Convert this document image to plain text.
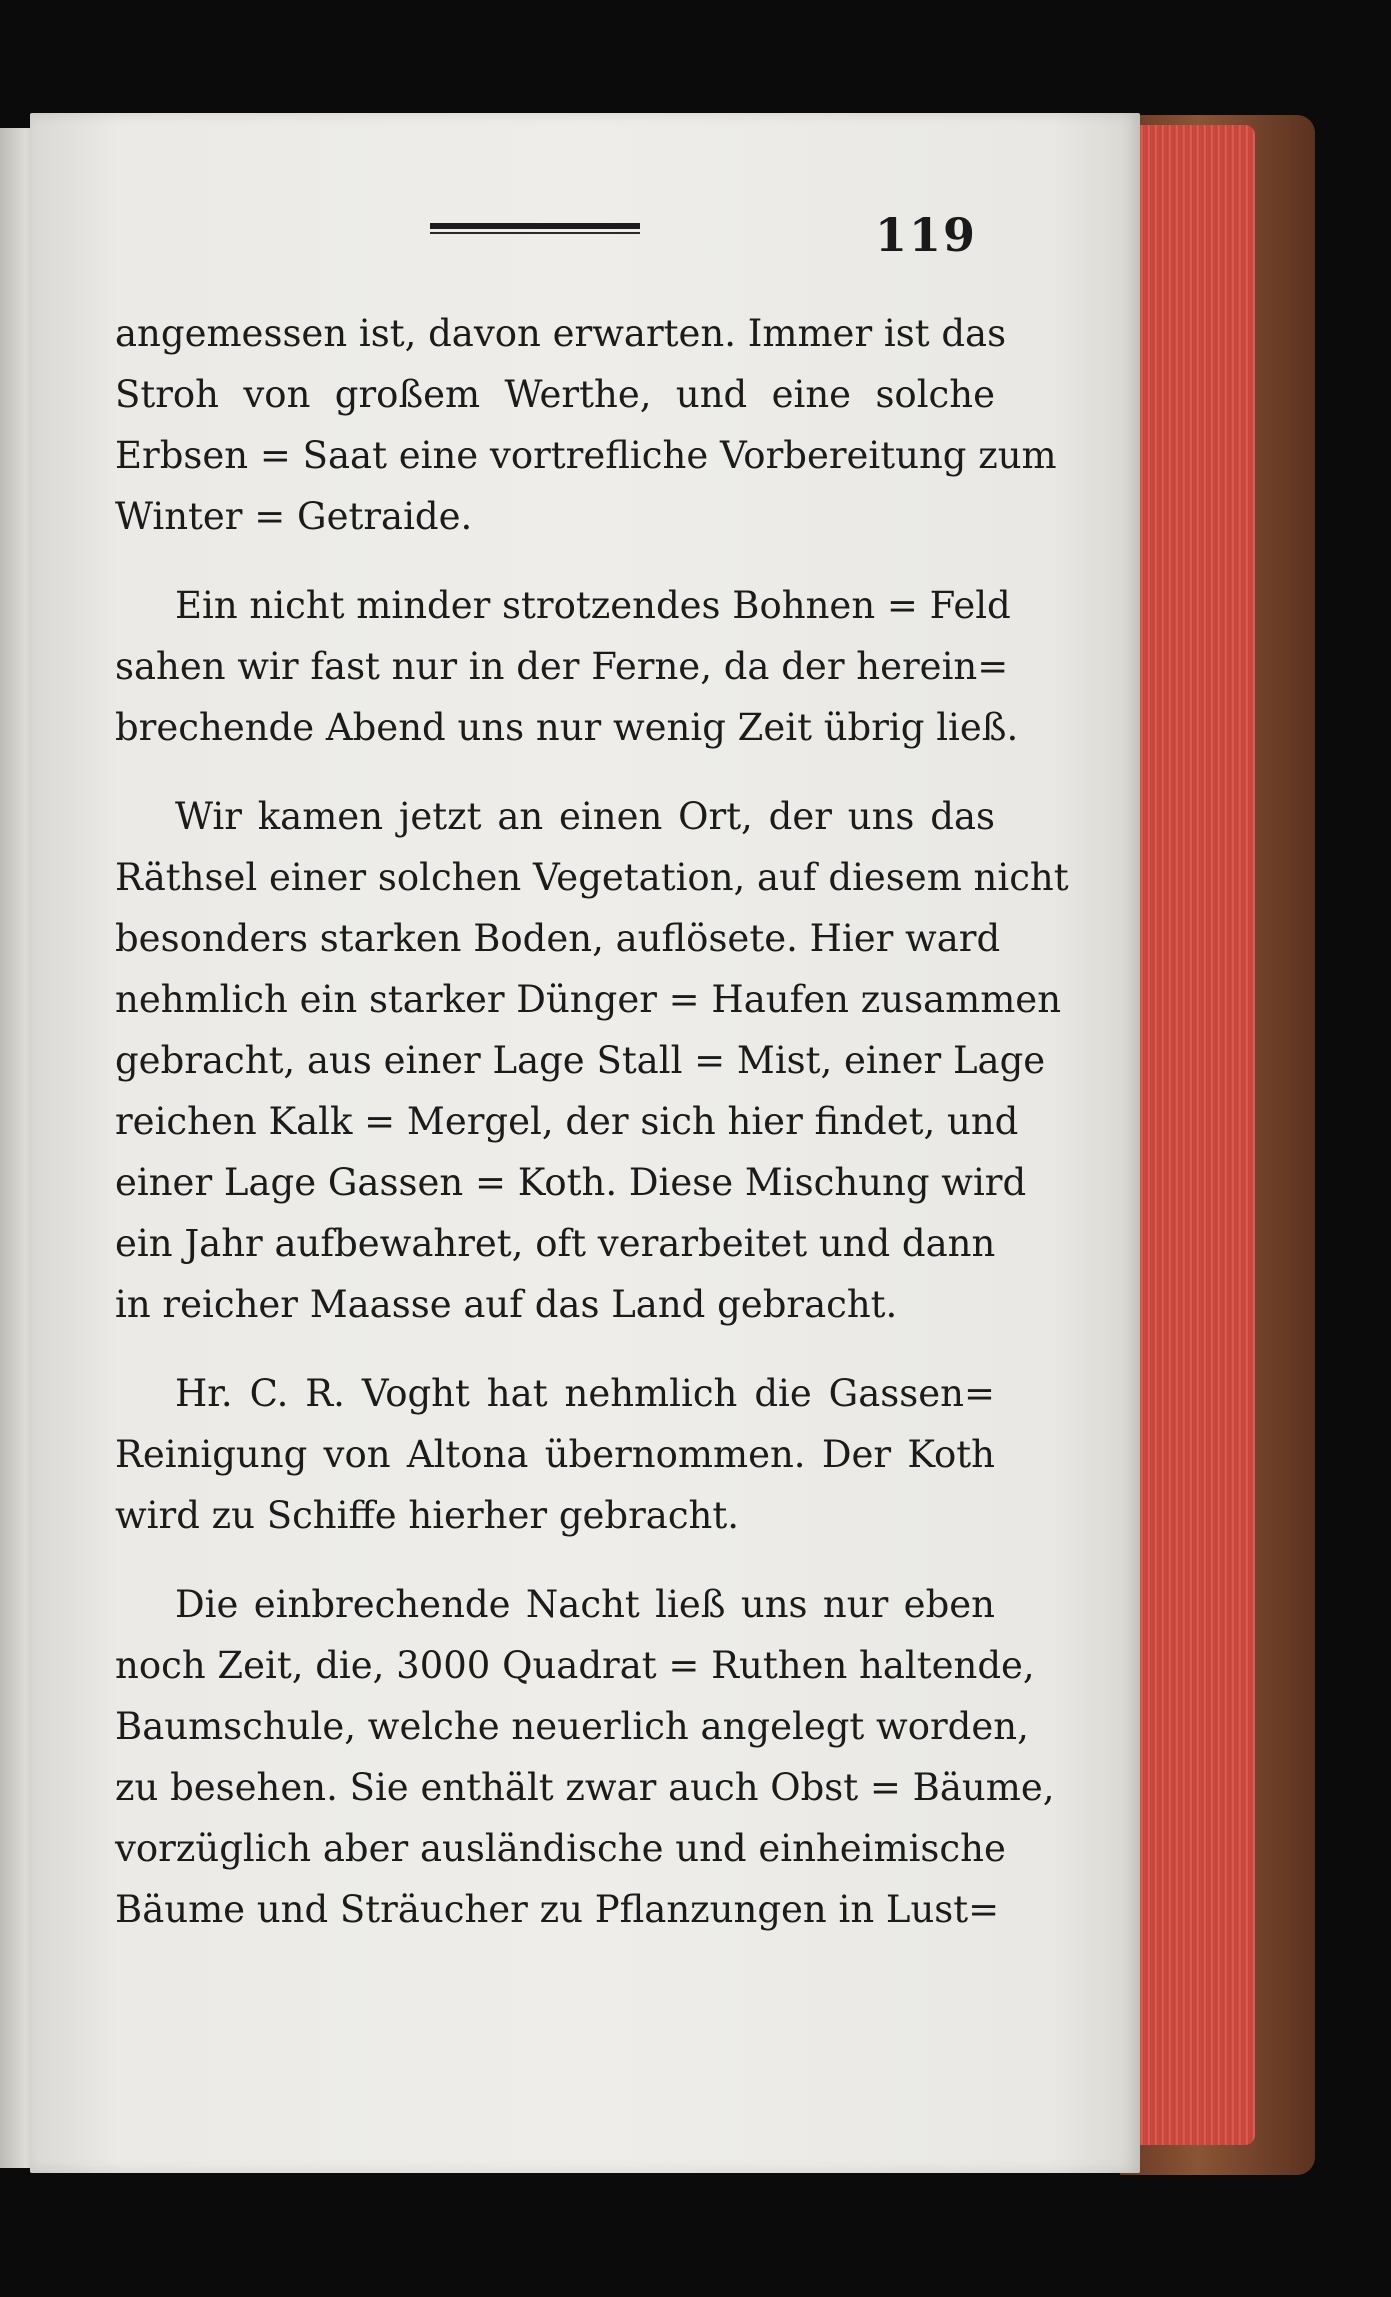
119
angemessen ist, davon erwarten. Immer ist das
Stroh von großem Werthe, und eine solche
Erbsen = Saat eine vortrefliche Vorbereitung zum
Winter = Getraide.
Ein nicht minder strotzendes Bohnen = Feld
sahen wir fast nur in der Ferne, da der herein=
brechende Abend uns nur wenig Zeit übrig ließ.
Wir kamen jetzt an einen Ort, der uns das
Räthsel einer solchen Vegetation, auf diesem nicht
besonders starken Boden, auflösete. Hier ward
nehmlich ein starker Dünger = Haufen zusammen
gebracht, aus einer Lage Stall = Mist, einer Lage
reichen Kalk = Mergel, der sich hier findet, und
einer Lage Gassen = Koth. Diese Mischung wird
ein Jahr aufbewahret, oft verarbeitet und dann
in reicher Maasse auf das Land gebracht.
Hr. C. R. Voght hat nehmlich die Gassen=
Reinigung von Altona übernommen. Der Koth
wird zu Schiffe hierher gebracht.
Die einbrechende Nacht ließ uns nur eben
noch Zeit, die, 3000 Quadrat = Ruthen haltende,
Baumschule, welche neuerlich angelegt worden,
zu besehen. Sie enthält zwar auch Obst = Bäume,
vorzüglich aber ausländische und einheimische
Bäume und Sträucher zu Pflanzungen in Lust=
